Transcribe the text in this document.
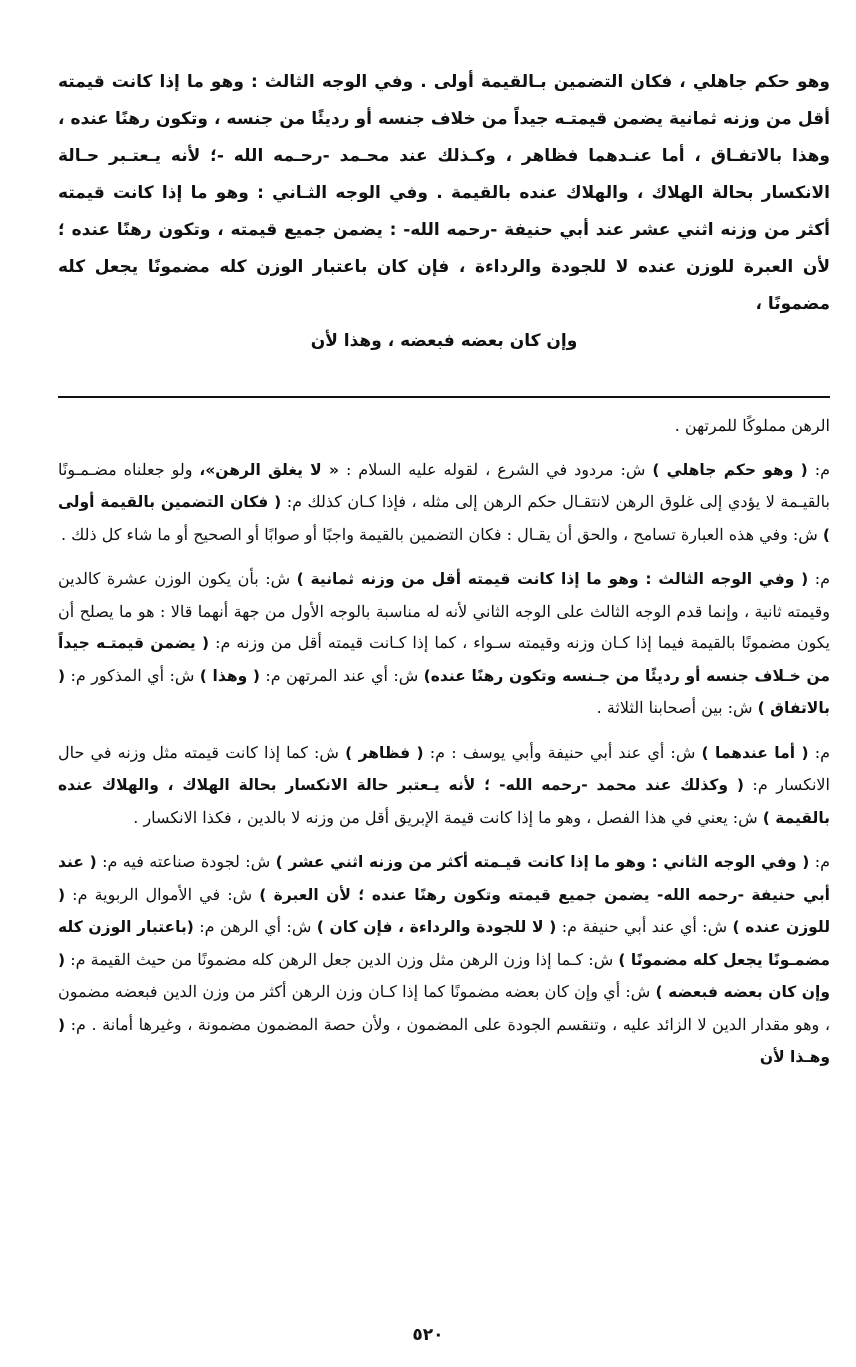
وهو حكم جاهلي ، فكان التضمين بـالقيمة أولى . وفي الوجه الثالث : وهو ما إذا كانت قيمته أقل من وزنه ثمانية يضمن قيمتـه جيداً من خلاف جنسه أو رديئًا من جنسه ، وتكون رهنًا عنده ، وهذا بالاتفـاق ، أما عنـدهما فظاهر ، وكـذلك عند محـمد -رحـمه الله -؛ لأنه يـعتـبر حـالة الانكسار بحالة الهلاك ، والهلاك عنده بالقيمة . وفي الوجه الثـاني : وهو ما إذا كانت قيمته أكثر من وزنه اثني عشر عند أبي حنيفة -رحمه الله- : يضمن جميع قيمته ، وتكون رهنًا عنده ؛ لأن العبرة للوزن عنده لا للجودة والرداءة ، فإن كان باعتبار الوزن كله مضمونًا يجعل كله مضمونًا ،

وإن كان بعضه فبعضه ، وهذا لأن

الرهن مملوكًا للمرتهن .

م: ( وهو حكم جاهلي ) ش: مردود في الشرع ، لقوله عليه السلام : « لا يغلق الرهن»، ولو جعلناه مضـمـونًا بالقيـمة لا يؤدي إلى غلوق الرهن لانتقـال حكم الرهن إلى مثله ، فإذا كـان كذلك م: ( فكان التضمين بالقيمة أولى ) ش: وفي هذه العبارة تسامح ، والحق أن يقـال : فكان التضمين بالقيمة واجبًا أو صوابًا أو الصحيح أو ما شاء كل ذلك .

م: ( وفي الوجه الثالث : وهو ما إذا كانت قيمته أقل من وزنه ثمانية ) ش: بأن يكون الوزن عشرة كالدين وقيمته ثانية ، وإنما قدم الوجه الثالث على الوجه الثاني لأنه له مناسبة بالوجه الأول من جهة أنهما قالا : هو ما يصلح أن يكون مضمونًا بالقيمة فيما إذا كـان وزنه وقيمته سـواء ، كما إذا كـانت قيمته أقل من وزنه م: ( يضمن قيمتـه جيداً من خـلاف جنسه أو رديئًا من جـنسه وتكون رهنًا عنده) ش: أي عند المرتهن م: ( وهذا ) ش: أي المذكور م: ( بالاتفاق ) ش: بين أصحابنا الثلاثة .

م: ( أما عندهما ) ش: أي عند أبي حنيفة وأبي يوسف : م: ( فظاهر ) ش: كما إذا كانت قيمته مثل وزنه في حال الانكسار م: ( وكذلك عند محمد -رحمه الله- ؛ لأنه يـعتبر حالة الانكسار بحالة الهلاك ، والهلاك عنده بالقيمة ) ش: يعني في هذا الفصل ، وهو ما إذا كانت قيمة الإبريق أقل من وزنه لا بالدين ، فكذا الانكسار .

م: ( وفي الوجه الثاني : وهو ما إذا كانت قيـمته أكثر من وزنه اثني عشر ) ش: لجودة صناعته فيه م: ( عند أبي حنيفة -رحمه الله- يضمن جميع قيمته وتكون رهنًا عنده ؛ لأن العبرة ) ش: في الأموال الربوية م: ( للوزن عنده ) ش: أي عند أبي حنيفة م: ( لا للجودة والرداءة ، فإن كان ) ش: أي الرهن م: (باعتبار الوزن كله مضمـونًا يجعل كله مضمونًا ) ش: كـما إذا وزن الرهن مثل وزن الدين جعل الرهن كله مضمونًا من حيث القيمة م: ( وإن كان بعضه فبعضه ) ش: أي وإن كان بعضه مضمونًا كما إذا كـان وزن الرهن أكثر من وزن الدين فبعضه مضمون ، وهو مقدار الدين لا الزائد عليه ، وتنقسم الجودة على المضمون ، ولأن حصة المضمون مضمونة ، وغيرها أمانة . م: ( وهـذا لأن

٥٢٠
